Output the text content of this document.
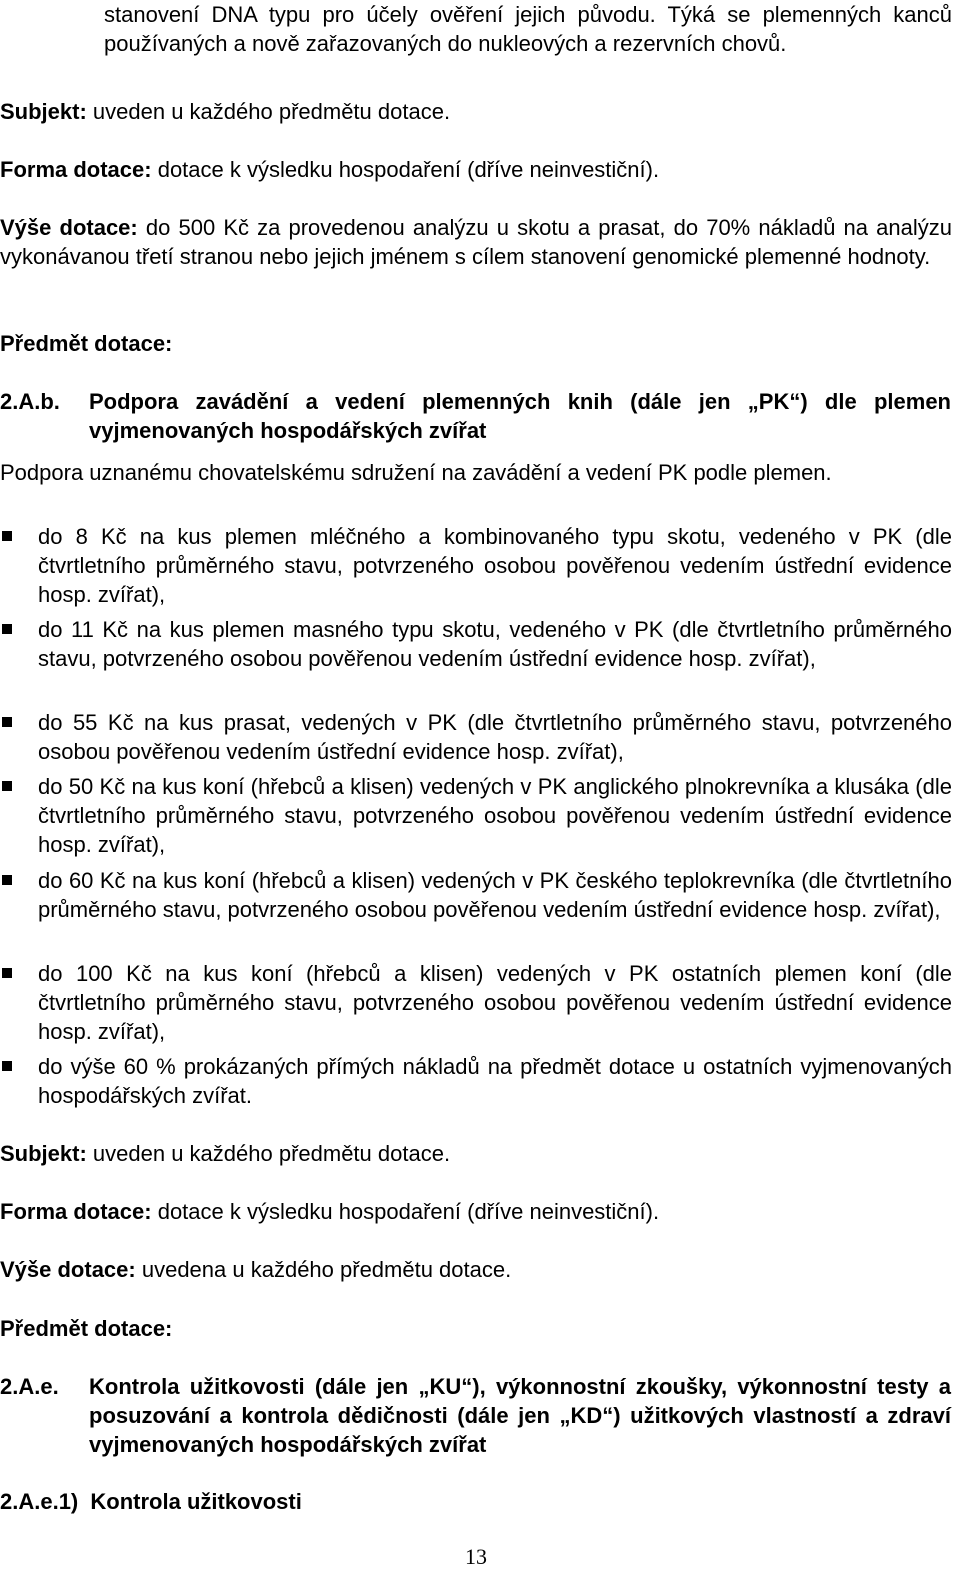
stanovení DNA typu pro účely ověření jejich původu. Týká se plemenných kanců používaných a nově zařazovaných do nukleových a rezervních chovů.
Subjekt: uveden u každého předmětu dotace.
Forma dotace: dotace k výsledku hospodaření (dříve neinvestiční).
Výše dotace: do 500 Kč za provedenou analýzu u skotu a prasat, do 70% nákladů na analýzu vykonávanou třetí stranou nebo jejich jménem s cílem stanovení genomické plemenné hodnoty.
Předmět dotace:
2.A.b. Podpora zavádění a vedení plemenných knih (dále jen „PK“) dle plemen vyjmenovaných hospodářských zvířat
Podpora uznanému chovatelskému sdružení na zavádění a vedení PK podle plemen.
do 8 Kč na kus plemen mléčného a kombinovaného typu skotu, vedeného v PK (dle čtvrtletního průměrného stavu, potvrzeného osobou pověřenou vedením ústřední evidence hosp. zvířat),
do 11 Kč na kus plemen masného typu skotu, vedeného v PK (dle čtvrtletního průměrného stavu, potvrzeného osobou pověřenou vedením ústřední evidence hosp. zvířat),
do 55 Kč na kus prasat, vedených v PK (dle čtvrtletního průměrného stavu, potvrzeného osobou pověřenou vedením ústřední evidence hosp. zvířat),
do 50 Kč na kus koní (hřebců a klisen) vedených v PK anglického plnokrevníka a klusáka (dle čtvrtletního průměrného stavu, potvrzeného osobou pověřenou vedením ústřední evidence hosp. zvířat),
do 60 Kč na kus koní (hřebců a klisen) vedených v PK českého teplokrevníka (dle čtvrtletního průměrného stavu, potvrzeného osobou pověřenou vedením ústřední evidence hosp. zvířat),
do 100 Kč na kus koní (hřebců a klisen) vedených v PK ostatních plemen koní (dle čtvrtletního průměrného stavu, potvrzeného osobou pověřenou vedením ústřední evidence hosp. zvířat),
do výše 60 % prokázaných přímých nákladů na předmět dotace u ostatních vyjmenovaných hospodářských zvířat.
Subjekt: uveden u každého předmětu dotace.
Forma dotace: dotace k výsledku hospodaření (dříve neinvestiční).
Výše dotace: uvedena u každého předmětu dotace.
Předmět dotace:
2.A.e. Kontrola užitkovosti (dále jen „KU“), výkonnostní zkoušky, výkonnostní testy a posuzování a kontrola dědičnosti (dále jen „KD“) užitkových vlastností a zdraví vyjmenovaných hospodářských zvířat
2.A.e.1) Kontrola užitkovosti
13
